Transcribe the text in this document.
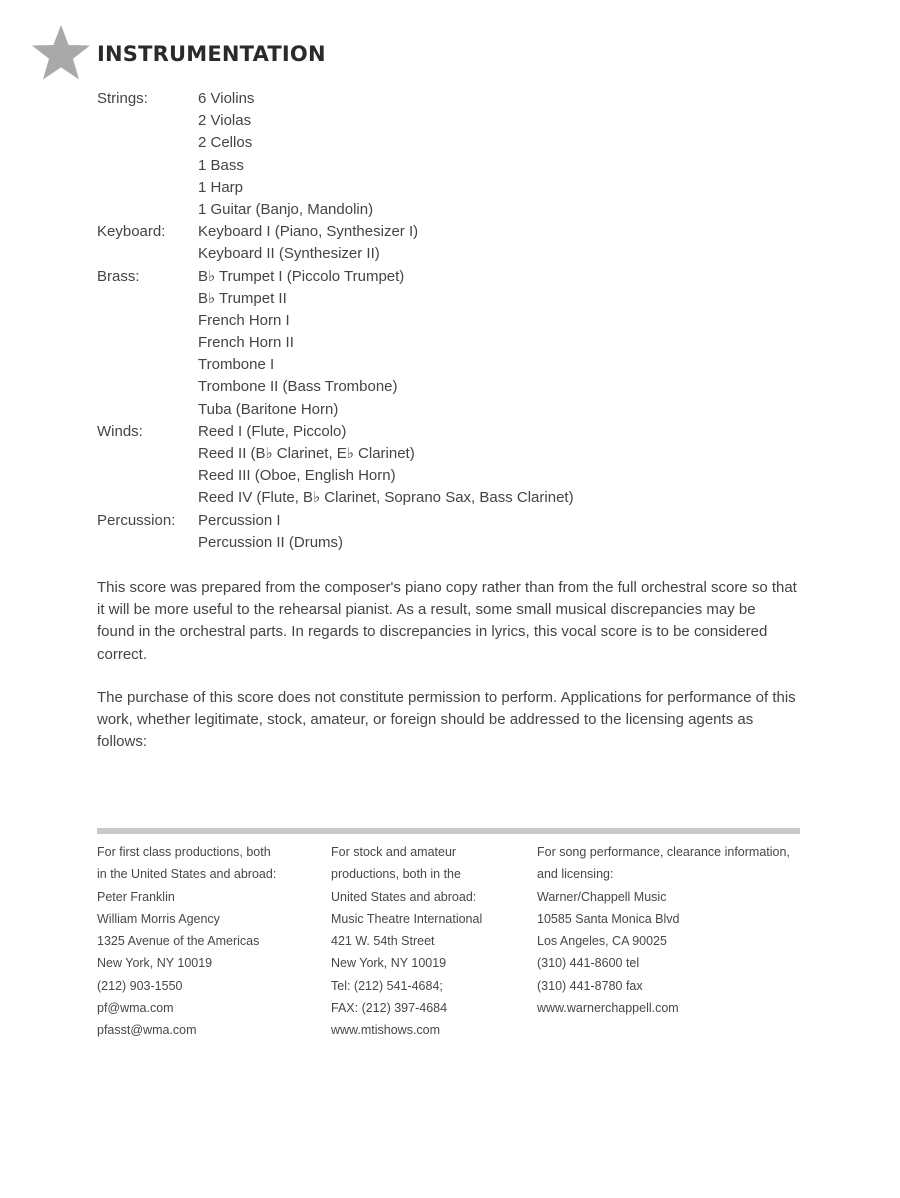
INSTRUMENTATION
Strings:	6 Violins
2 Violas
2 Cellos
1 Bass
1 Harp
1 Guitar (Banjo, Mandolin)
Keyboard: Keyboard I (Piano, Synthesizer I)
Keyboard II (Synthesizer II)
Brass:	B♭ Trumpet I (Piccolo Trumpet)
B♭ Trumpet II
French Horn I
French Horn II
Trombone I
Trombone II (Bass Trombone)
Tuba (Baritone Horn)
Winds:	Reed I (Flute, Piccolo)
Reed II (B♭ Clarinet, E♭ Clarinet)
Reed III (Oboe, English Horn)
Reed IV (Flute, B♭ Clarinet, Soprano Sax, Bass Clarinet)
Percussion: Percussion I
Percussion II (Drums)

This score was prepared from the composer's piano copy rather than from the full orchestral score so that it will be more useful to the rehearsal pianist. As a result, some small musical discrepancies may be found in the orchestral parts. In regards to discrepancies in lyrics, this vocal score is to be considered correct.

The purchase of this score does not constitute permission to perform. Applications for performance of this work, whether legitimate, stock, amateur, or foreign should be addressed to the licensing agents as follows:

For first class productions, both
in the United States and abroad:
Peter Franklin
William Morris Agency
1325 Avenue of the Americas
New York, NY 10019
(212) 903-1550
pf@wma.com
pfasst@wma.com
For stock and amateur
productions, both in the
United States and abroad:
Music Theatre International
421 W. 54th Street
New York, NY 10019
Tel: (212) 541-4684;
FAX: (212) 397-4684
www.mtishows.com
For song performance, clearance information,
and licensing:
Warner/Chappell Music
10585 Santa Monica Blvd
Los Angeles, CA 90025
(310) 441-8600 tel
(310) 441-8780 fax
www.warnerchappell.com
